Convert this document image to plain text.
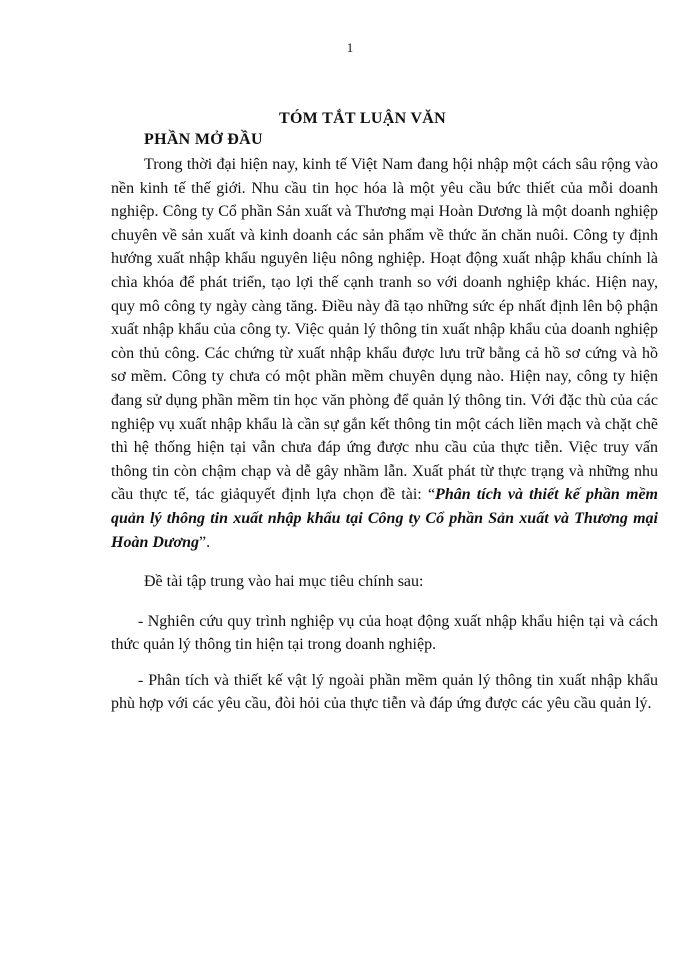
1
TÓM TẮT LUẬN VĂN
PHẦN MỞ ĐẦU

Trong thời đại hiện nay, kinh tế Việt Nam đang hội nhập một cách sâu rộng vào nền kinh tế thế giới. Nhu cầu tin học hóa là một yêu cầu bức thiết của mỗi doanh nghiệp. Công ty Cổ phần Sản xuất và Thương mại Hoàn Dương là một doanh nghiệp chuyên về sản xuất và kinh doanh các sản phẩm về thức ăn chăn nuôi. Công ty định hướng xuất nhập khẩu nguyên liệu nông nghiệp. Hoạt động xuất nhập khẩu chính là chìa khóa để phát triển, tạo lợi thế cạnh tranh so với doanh nghiệp khác. Hiện nay, quy mô công ty ngày càng tăng. Điều này đã tạo những sức ép nhất định lên bộ phận xuất nhập khẩu của công ty. Việc quản lý thông tin xuất nhập khẩu của doanh nghiệp còn thủ công. Các chứng từ xuất nhập khẩu được lưu trữ bằng cả hồ sơ cứng và hồ sơ mềm. Công ty chưa có một phần mềm chuyên dụng nào. Hiện nay, công ty hiện đang sử dụng phần mềm tin học văn phòng để quản lý thông tin. Với đặc thù của các nghiệp vụ xuất nhập khẩu là cần sự gắn kết thông tin một cách liền mạch và chặt chẽ thì hệ thống hiện tại vẫn chưa đáp ứng được nhu cầu của thực tiễn. Việc truy vấn thông tin còn chậm chạp và dễ gây nhầm lẫn. Xuất phát từ thực trạng và những nhu cầu thực tế, tác giảquyết định lựa chọn đề tài: “Phân tích và thiết kế phần mềm quản lý thông tin xuất nhập khẩu tại Công ty Cổ phần Sản xuất và Thương mại Hoàn Dương”.

Đề tài tập trung vào hai mục tiêu chính sau:

- Nghiên cứu quy trình nghiệp vụ của hoạt động xuất nhập khẩu hiện tại và cách thức quản lý thông tin hiện tại trong doanh nghiệp.

- Phân tích và thiết kế vật lý ngoài phần mềm quản lý thông tin xuất nhập khẩu phù hợp với các yêu cầu, đòi hỏi của thực tiễn và đáp ứng được các yêu cầu quản lý.
